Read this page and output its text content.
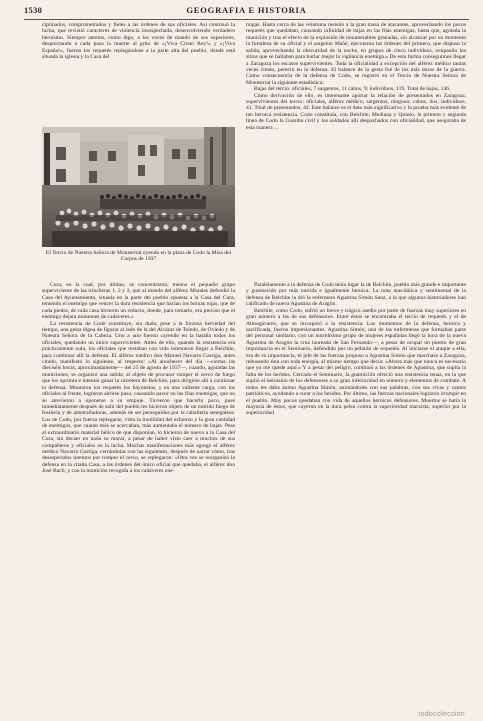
1530	GEOGRAFIA E HISTORIA

ciplinados, comprometrados y fieles a las órdenes de sus oficiales. Así continuó la lucha, que revistió caracteres de violencia insospechada, desenvolviendo verdadero heroísmo. Siempre atentos, como digo, a las voces de mando de sus superiores, despreciando a cada paso la muerte al grito de «¡Viva Cristo Rey!» y «¡Viva España!», fueron los requetés replegándose a la parte alta del pueblo, donde está situada la iglesia y la Casa del

migas. Hasta cerca de las veintiuna resistió a la gran masa de atacantes, aprovechando los pocos requetés que quedaban, causando infinidad de bajas en las filas enemigas, hasta que, agotada la munición y tras el efecto de la explosión de innumerables granadas, sin alcanzar por un momento la fortaleza de su oficial y el sargento Mañé, ejecutaron las órdenes del primero, que dispuso la salida, aprovechando la obscuridad de la noche, en grupos de cinco individuos, ocupando los sitios que se hallaban para burlar mejor la vigilancia enemiga.» De esta forma conseguimos llegar a Zaragoza los escasos supervivientes. Toda la oficialidad a excepción del alférez médico tantas veces citado, pereció en la defensa. El balance de la gesta fué de los más duros de la guerra. Como consecuencia de la defensa de Codo, se registró en el Tercio de Nuestra Señora de Montserrat la siguiente estadística:

Bajas del tercio: oficiales, 7 sargentos, 11 cabos, 9; individuos, 119. Total de bajas, 146.

Como derivación de ello, es interesante aportar la relación de presentados en Zaragoza, supervivientes del tercio: oficiales, alférez médico; sargentos, ninguno; cabos, dos; individuos, 41. Total de presentados, 44. Este balance es el dato más significativo y la prueba más evidente de tan heroica resistencia. Codo constituía, con Belchite, Mediana y Quinto, la primera y segunda línea de Codo la Guardia civil y los soldados allí despachados con oficialidad, que aseguraba de esta manera ...

El Tercio de Nuestra Señora de Montserrat oyendo en la plaza de Codo la Misa del Corpus de 1937

Cura, en la cual, por último, se concentraron, menos el pequeño grupo superviviente de las trincheras 1, 2 y 3, que al mando del alférez Morales defendió la Casa del Ayuntamiento, situada en la parte del pueblo opuesta a la Casa del Cura, teniendo el enemigo que vencer la dura resistencia que hacían los boinas rojas, que de cada piedra, de cada casa hicieron un reducto, donde, para tomarlo, era preciso que el enemigo dejara montones de cadáveres.»

La resistencia de Codo constituye, sin duda, pese a la forzosa brevedad del tiempo, una gesta digna de figurar al lado de la del Alcázar de Toledo, de Oviedo y de Nuestra Señora de la Cabeza. Uno a uno fueron cayendo en la batalla todos los oficiales, quedando un único superviviente. Antes de ello, quando la resistencia era prácticamente nula, los oficiales que restaban con vida intentaron llegar a Belchite, para continuar allí la defensa. El alférez médico don Manuel Navarro Garriga, antes citado, manifestó lo siguiente, al respecto: «Al anochecer del día —ciertas las dieciséis horas, aproximadamente— del 25 de agosto de 1937—, cuando, agotadas las municiones, se organizó una salida, al objeto de procurar romper el cerco de fuego que los oprimía e intentar ganar la carretera de Belchite, para dirigirse allí a continuar la defensa. Montaron los requetés los bayonetas, y en una valiente carga, con los oficiales al frente, lograron abrirse paso, causando pavor en las filas enemigas, que no se atrevieron a oponerse a su empuje. Tuvieron que hacerlo poco, pues inmediatamente después de salir del pueblo les hicieron objeto de un nutrido fuego de fusilería y de ametralladoras, además de ser perseguidos por la caballería senegalesa. Los de Codo, por fuerza replegarse, vista la inutilidad del esfuerzo y la gran cantidad de enemigos, que cuanto más se acercaban, más aumentaba el número de bajas. Pese al extraordinario material bélico de que disponían, lo hicieron de nuevo a la Casa del Cura, sin decaer en nada su moral, a pesar de haber visto caer a muchos de sus compañeros y oficiales en la lucha. Muchas manifestaciones más agregó el alférez médico Navarro Garriga, cerrándolas con las siguientes, después de narrar cómo, tras desesperados intentos por romper el cerco, se replegaron: «Otra vez se reorganizó la defensa en la citada Casa, a las órdenes del único oficial que quedaba, el alférez don José Bach, y con la munición recogida a los cadáveres ene-

Paralelamente a la defensa de Codo tenía lugar la de Belchite, pueblo más grande e importante y guarnecido por más nutrida e igualmente heroica. La nota anecdótica y sentimental de la defensa de Belchite la dió la enfermera Agustina Simón Sanz, a la que algunos historiadores han calificado de nueva Agustina de Aragón.

Belchite, como Codo, sufrió un breve y trágico asedio por parte de fuerzas muy superiores en gran número a las de sus defensores. Entre éstos se encontraba el tercio de requetés y el de Almogávares, que se incorporó a la resistencia. Los momentos de la defensa, heroica y sacrificada, fueron impresionantes. Agustina Simón, una de las enfermeras que formaban parte del personal sanitario, con un nutridísimo grupo de mujeres españolas llegó la hora de la nueva Agustina de Aragón la cruz laureada de San Fernando—, a pesar de ocupar un puesto de gran importancia en el Seminario, defendido por un pelotón de requetés. Al iniciarse el ataque a ella, era de su importancia, el jefe de las fuerzas propuso a Agustina Simón que marchase a Zaragoza, rehusando ésta con toda energía, al mismo tiempo que decía: «Ahora más que nunca es necesario que yo me quede aquí.» Y a pesar del peligro, continuó a las órdenes de Agustina, que suplía la falta de los heridos. Cercado el Seminario, la guarnición ofreció una resistencia tenaz, en la que suplió el heroísmo de los defensores a su gran inferioridad en número y elementos de combate. A todos les daba ánimo Agustina Simón, animándoles con sus palabras, con sus vivas y cantos patrióticos, ayudando a curar a los heridos. Por último, las fuerzas nacionales lograron irrumpir en el pueblo. Muy pocos quedaban con vida de aquellos heroicos defensores. Muertos se batía la mayoría de éstos, que cayeron en la dura pelea contra la superioridad marxista, superior por la superioridad

todocoleccion
